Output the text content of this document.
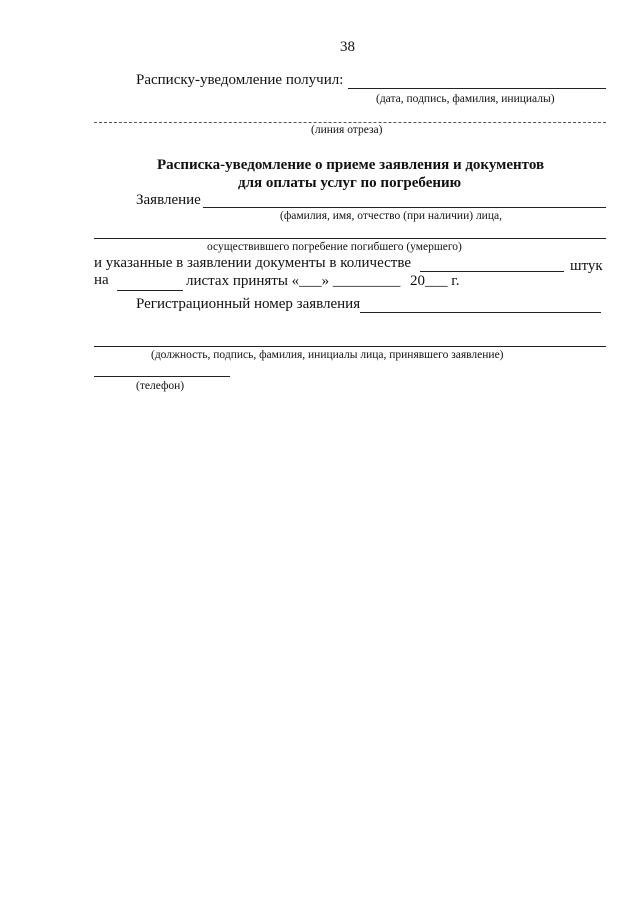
38
Расписку-уведомление получил:
(дата, подпись, фамилия, инициалы)
(линия отреза)
Расписка-уведомление о приеме заявления и документов
для оплаты услуг по погребению
Заявление
(фамилия, имя, отчество (при наличии) лица,
осуществившего погребение погибшего (умершего)
и указанные в заявлении документы в количестве	штук
на	листах приняты «___» _________ 20___ г.
Регистрационный номер заявления
(должность, подпись, фамилия, инициалы лица, принявшего заявление)
(телефон)
